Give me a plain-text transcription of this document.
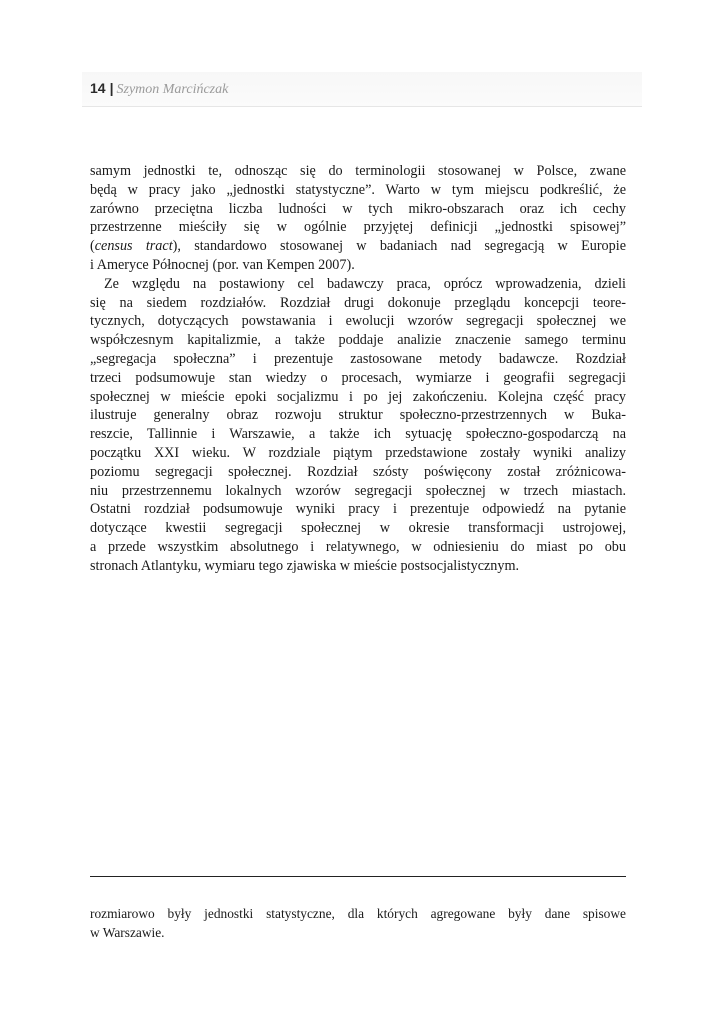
14 | Szymon Marcińczak
samym jednostki te, odnosząc się do terminologii stosowanej w Polsce, zwane
będą w pracy jako „jednostki statystyczne”. Warto w tym miejscu podkreślić, że
zarówno przeciętna liczba ludności w tych mikro-obszarach oraz ich cechy
przestrzenne mieściły się w ogólnie przyjętej definicji „jednostki spisowej”
(census tract), standardowo stosowanej w badaniach nad segregacją w Europie
i Ameryce Północnej (por. van Kempen 2007).
Ze względu na postawiony cel badawczy praca, oprócz wprowadzenia, dzieli
się na siedem rozdziałów. Rozdział drugi dokonuje przeglądu koncepcji teore-
tycznych, dotyczących powstawania i ewolucji wzorów segregacji społecznej we
współczesnym kapitalizmie, a także poddaje analizie znaczenie samego terminu
„segregacja społeczna” i prezentuje zastosowane metody badawcze. Rozdział
trzeci podsumowuje stan wiedzy o procesach, wymiarze i geografii segregacji
społecznej w mieście epoki socjalizmu i po jej zakończeniu. Kolejna część pracy
ilustruje generalny obraz rozwoju struktur społeczno-przestrzennych w Buka-
reszcie, Tallinnie i Warszawie, a także ich sytuację społeczno-gospodarczą na
początku XXI wieku. W rozdziale piątym przedstawione zostały wyniki analizy
poziomu segregacji społecznej. Rozdział szósty poświęcony został zróżnicowa-
niu przestrzennemu lokalnych wzorów segregacji społecznej w trzech miastach.
Ostatni rozdział podsumowuje wyniki pracy i prezentuje odpowiedź na pytanie
dotyczące kwestii segregacji społecznej w okresie transformacji ustrojowej,
a przede wszystkim absolutnego i relatywnego, w odniesieniu do miast po obu
stronach Atlantyku, wymiaru tego zjawiska w mieście postsocjalistycznym.
rozmiarowo były jednostki statystyczne, dla których agregowane były dane spisowe
w Warszawie.
